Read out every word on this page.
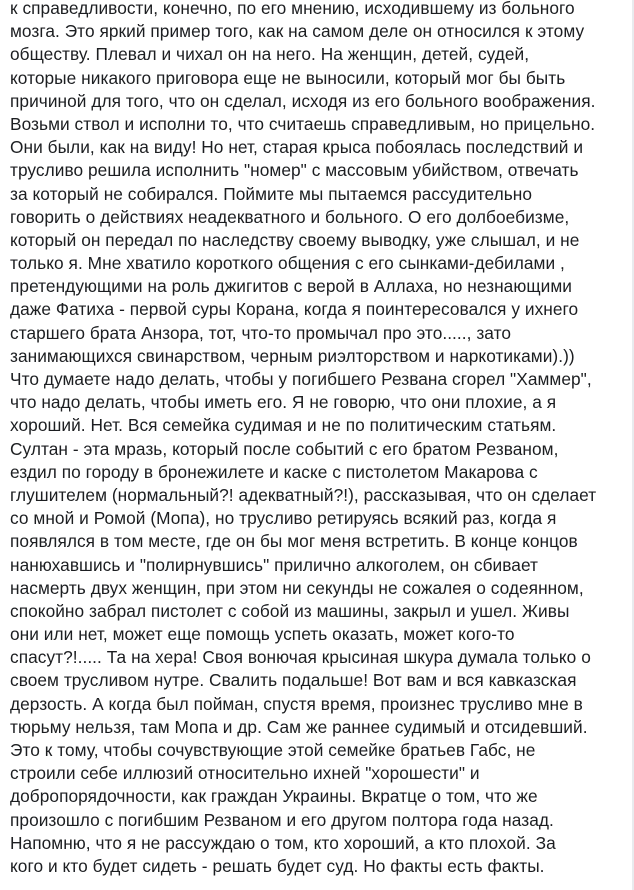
к справедливости, конечно, по его мнению, исходившему из больного
мозга. Это яркий пример того, как на самом деле он относился к этому
обществу. Плевал и чихал он на него. На женщин, детей, судей,
которые никакого приговора еще не выносили, который мог бы быть
причиной для того, что он сделал, исходя из его больного воображения.
Возьми ствол и исполни то, что считаешь справедливым, но прицельно.
Они были, как на виду! Но нет, старая крыса побоялась последствий и
трусливо решила исполнить "номер" с массовым убийством, отвечать
за который не собирался. Поймите мы пытаемся рассудительно
говорить о действиях неадекватного и больного. О его долбоебизме,
который он передал по наследству своему выводку, уже слышал, и не
только я. Мне хватило короткого общения с его сынками-дебилами ,
претендующими на роль джигитов с верой в Аллаха, но незнающими
даже Фатиха - первой суры Корана, когда я поинтересовался у ихнего
старшего брата Анзора, тот, что-то промычал про это....., зато
занимающихся свинарством, черным риэлторством и наркотиками).))
Что думаете надо делать, чтобы у погибшего Резвана сгорел "Хаммер",
что надо делать, чтобы иметь его. Я не говорю, что они плохие, а я
хороший. Нет. Вся семейка судимая и не по политическим статьям.
Султан - эта мразь, который после событий с его братом Резваном,
ездил по городу в бронежилете и каске с пистолетом Макарова с
глушителем (нормальный?! адекватный?!), рассказывая, что он сделает
со мной и Ромой (Мопа), но трусливо ретируясь всякий раз, когда я
появлялся в том месте, где он бы мог меня встретить. В конце концов
нанюхавшись и "полирнувшись" прилично алкоголем, он сбивает
насмерть двух женщин, при этом ни секунды не сожалея о содеянном,
спокойно забрал пистолет с собой из машины, закрыл и ушел. Живы
они или нет, может еще помощь успеть оказать, может кого-то
спасут?!..... Та на хера! Своя вонючая крысиная шкура думала только о
своем трусливом нутре. Свалить подальше! Вот вам и вся кавказская
дерзость. А когда был пойман, спустя время, произнес трусливо мне в
тюрьму нельзя, там Мопа и др. Сам же раннее судимый и отсидевший.
Это к тому, чтобы сочувствующие этой семейке братьев Габс, не
строили себе иллюзий относительно ихней "хорошести" и
добропорядочности, как граждан Украины. Вкратце о том, что же
произошло с погибшим Резваном и его другом полтора года назад.
Напомню, что я не рассуждаю о том, кто хороший, а кто плохой. За
кого и кто будет сидеть - решать будет суд. Но факты есть факты.
